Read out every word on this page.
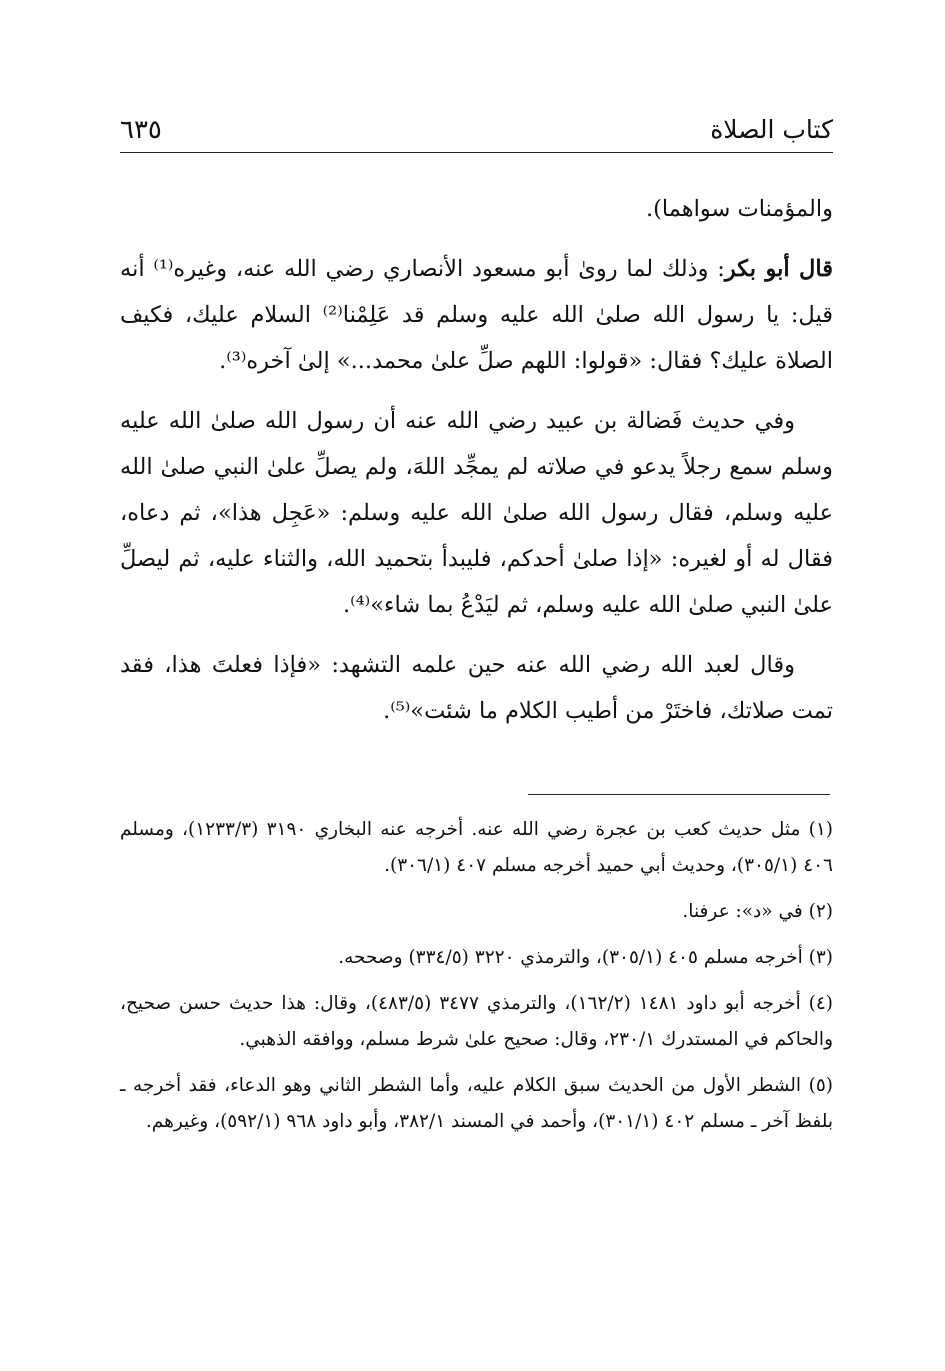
كتاب الصلاة
٦٣٥

والمؤمنات سواهما).

قال أبو بكر: وذلك لما روىٰ أبو مسعود الأنصاري رضي الله عنه، وغيره⁽¹⁾ أنه قيل: يا رسول الله صلىٰ الله عليه وسلم قد عَلِمْنا⁽²⁾ السلام عليك، فكيف الصلاة عليك؟ فقال: «قولوا: اللهم صلِّ علىٰ محمد...» إلىٰ آخره⁽³⁾.

وفي حديث فَضالة بن عبيد رضي الله عنه أن رسول الله صلىٰ الله عليه وسلم سمع رجلاً يدعو في صلاته لم يمجِّد اللهَ، ولم يصلِّ علىٰ النبي صلىٰ الله عليه وسلم، فقال رسول الله صلىٰ الله عليه وسلم: «عَجِل هذا»، ثم دعاه، فقال له أو لغيره: «إذا صلىٰ أحدكم، فليبدأ بتحميد الله، والثناء عليه، ثم ليصلِّ علىٰ النبي صلىٰ الله عليه وسلم، ثم ليَدْعُ بما شاء»⁽⁴⁾.

وقال لعبد الله رضي الله عنه حين علمه التشهد: «فإذا فعلتَ هذا، فقد تمت صلاتك، فاختَرْ من أطيب الكلام ما شئت»⁽⁵⁾.

(١) مثل حديث كعب بن عجرة رضي الله عنه. أخرجه عنه البخاري ٣١٩٠ (١٢٣٣/٣)، ومسلم ٤٠٦ (٣٠٥/١)، وحديث أبي حميد أخرجه مسلم ٤٠٧ (٣٠٦/١).

(٢) في «د»: عرفنا.

(٣) أخرجه مسلم ٤٠٥ (٣٠٥/١)، والترمذي ٣٢٢٠ (٣٣٤/٥) وصححه.

(٤) أخرجه أبو داود ١٤٨١ (١٦٢/٢)، والترمذي ٣٤٧٧ (٤٨٣/٥)، وقال: هذا حديث حسن صحيح، والحاكم في المستدرك ٢٣٠/١، وقال: صحيح علىٰ شرط مسلم، ووافقه الذهبي.

(٥) الشطر الأول من الحديث سبق الكلام عليه، وأما الشطر الثاني وهو الدعاء، فقد أخرجه ـ بلفظ آخر ـ مسلم ٤٠٢ (٣٠١/١)، وأحمد في المسند ٣٨٢/١، وأبو داود ٩٦٨ (٥٩٢/١)، وغيرهم.
